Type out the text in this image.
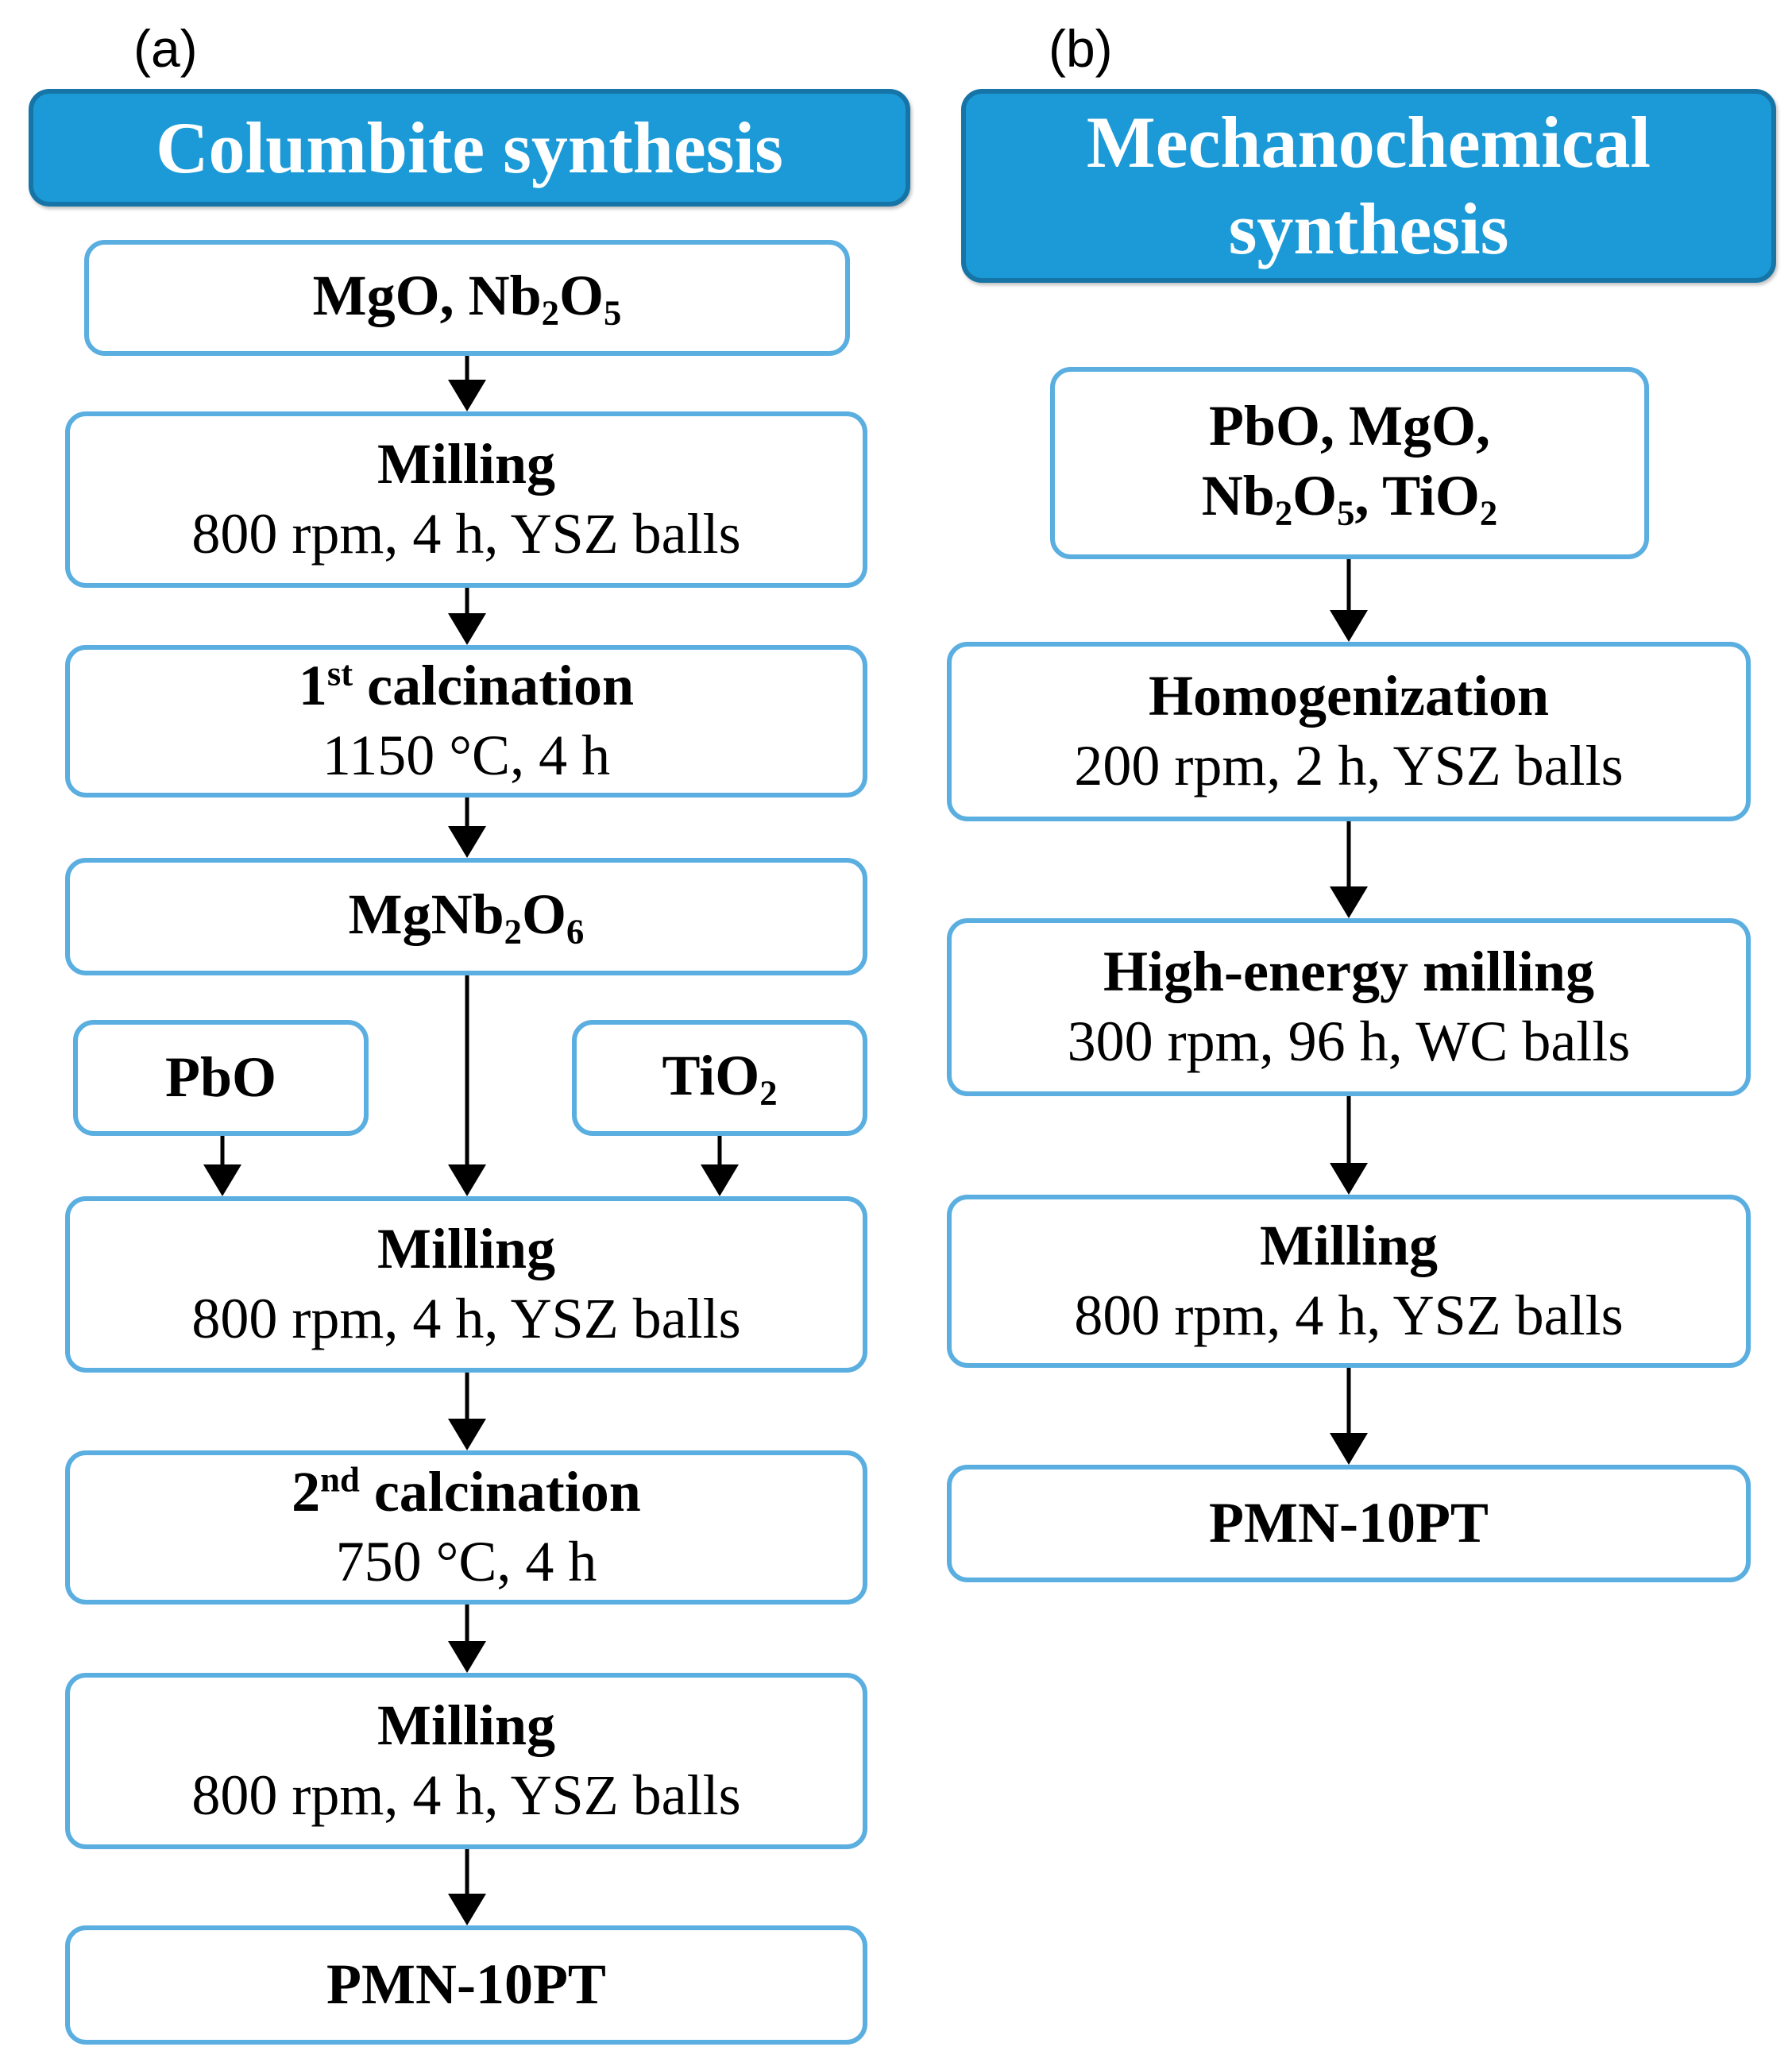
(a)	(b)
Columbite synthesis
MgO, $Nb_2O_5$
Milling
800 rpm, 4 h, YSZ balls
1st calcination
1150 °C, 4 h
$MgNb_2O_6$
PbO	TiO$_2$
Milling
800 rpm, 4 h, YSZ balls
2nd calcination
750 °C, 4 h
Milling
800 rpm, 4 h, YSZ balls
PMN-10PT
Mechanochemical
synthesis
PbO, MgO,
$Nb_2O_5$, TiO$_2$
Homogenization
200 rpm, 2 h, YSZ balls
High-energy milling
300 rpm, 96 h, WC balls
Milling
800 rpm, 4 h, YSZ balls
PMN-10PT
